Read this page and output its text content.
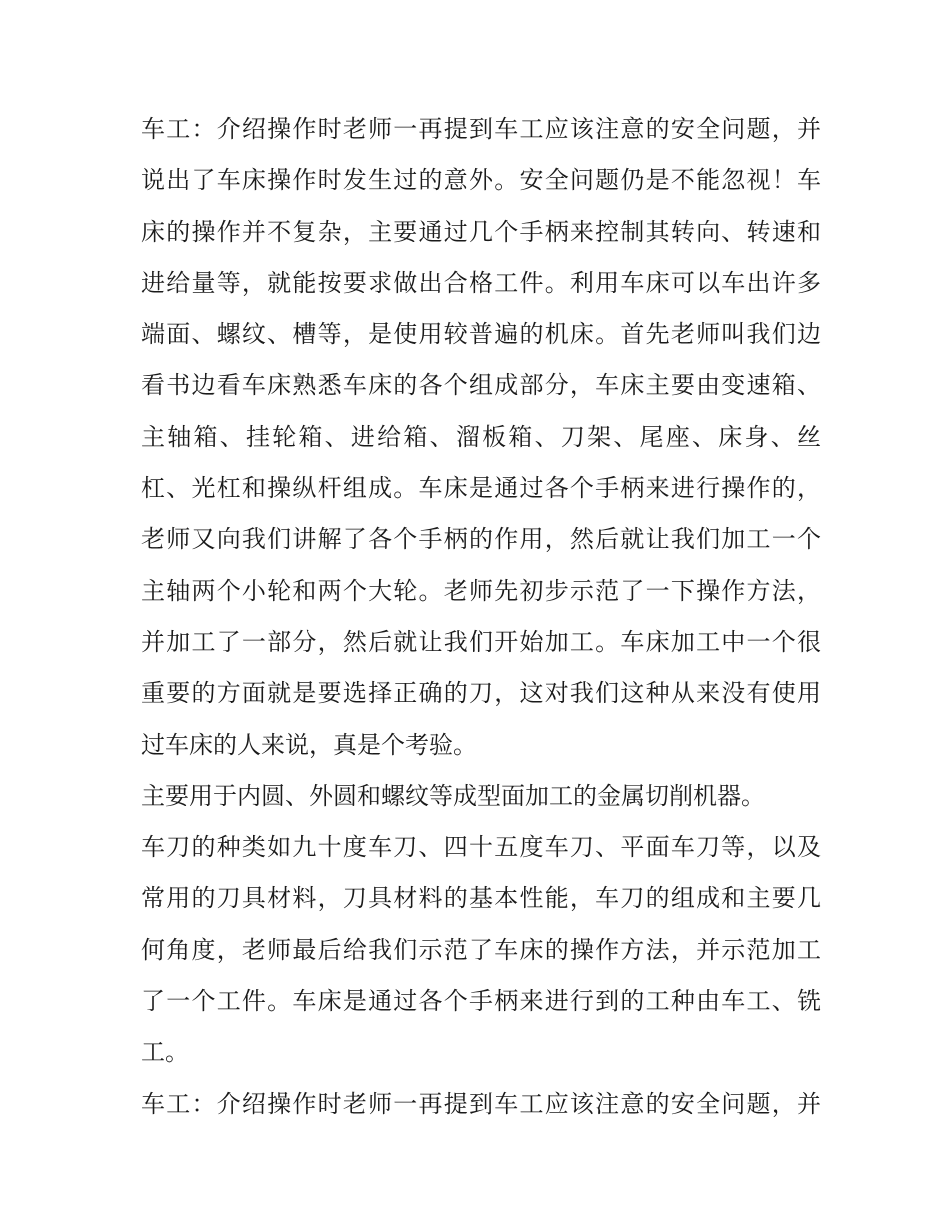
车工：介绍操作时老师一再提到车工应该注意的安全问题，并
说出了车床操作时发生过的意外。安全问题仍是不能忽视！车
床的操作并不复杂，主要通过几个手柄来控制其转向、转速和
进给量等，就能按要求做出合格工件。利用车床可以车出许多
端面、螺纹、槽等，是使用较普遍的机床。首先老师叫我们边
看书边看车床熟悉车床的各个组成部分，车床主要由变速箱、
主轴箱、挂轮箱、进给箱、溜板箱、刀架、尾座、床身、丝
杠、光杠和操纵杆组成。车床是通过各个手柄来进行操作的，
老师又向我们讲解了各个手柄的作用，然后就让我们加工一个
主轴两个小轮和两个大轮。老师先初步示范了一下操作方法，
并加工了一部分，然后就让我们开始加工。车床加工中一个很
重要的方面就是要选择正确的刀，这对我们这种从来没有使用
过车床的人来说，真是个考验。
主要用于内圆、外圆和螺纹等成型面加工的金属切削机器。
车刀的种类如九十度车刀、四十五度车刀、平面车刀等，以及
常用的刀具材料，刀具材料的基本性能，车刀的组成和主要几
何角度，老师最后给我们示范了车床的操作方法，并示范加工
了一个工件。车床是通过各个手柄来进行到的工种由车工、铣
工。
车工：介绍操作时老师一再提到车工应该注意的安全问题，并
